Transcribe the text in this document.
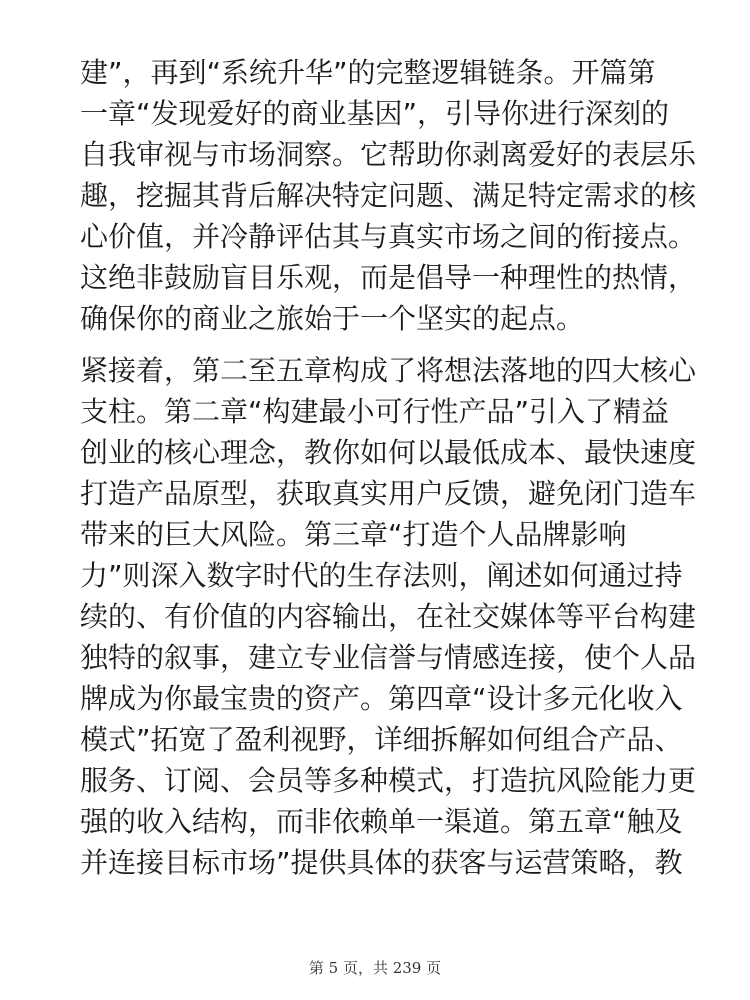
建”，再到“系统升华”的完整逻辑链条。开篇第
一章“发现爱好的商业基因”，引导你进行深刻的
自我审视与市场洞察。它帮助你剥离爱好的表层乐
趣，挖掘其背后解决特定问题、满足特定需求的核
心价值，并冷静评估其与真实市场之间的衔接点。
这绝非鼓励盲目乐观，而是倡导一种理性的热情，
确保你的商业之旅始于一个坚实的起点。

紧接着，第二至五章构成了将想法落地的四大核心
支柱。第二章“构建最小可行性产品”引入了精益
创业的核心理念，教你如何以最低成本、最快速度
打造产品原型，获取真实用户反馈，避免闭门造车
带来的巨大风险。第三章“打造个人品牌影响
力”则深入数字时代的生存法则，阐述如何通过持
续的、有价值的内容输出，在社交媒体等平台构建
独特的叙事，建立专业信誉与情感连接，使个人品
牌成为你最宝贵的资产。第四章“设计多元化收入
模式”拓宽了盈利视野，详细拆解如何组合产品、
服务、订阅、会员等多种模式，打造抗风险能力更
强的收入结构，而非依赖单一渠道。第五章“触及
并连接目标市场”提供具体的获客与运营策略，教

第 5 页，共 239 页
